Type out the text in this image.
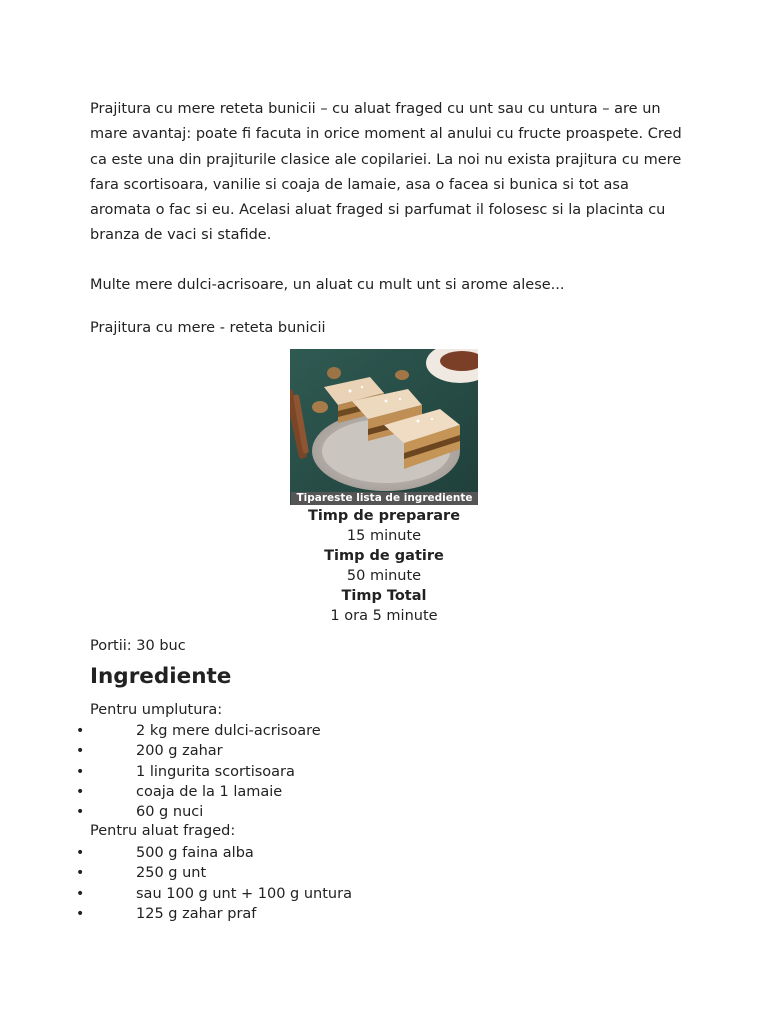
Prajitura cu mere reteta bunicii – cu aluat fraged cu unt sau cu untura – are un mare avantaj: poate fi facuta in orice moment al anului cu fructe proaspete. Cred ca este una din prajiturile clasice ale copilariei. La noi nu exista prajitura cu mere fara scortisoara, vanilie si coaja de lamaie, asa o facea si bunica si tot asa aromata o fac si eu. Acelasi aluat fraged si parfumat il folosesc si la placinta cu branza de vaci si stafide.

Multe mere dulci-acrisoare, un aluat cu mult unt si arome alese...

Prajitura cu mere - reteta bunicii

Tipareste lista de ingrediente
Timp de preparare
15 minute
Timp de gatire
50 minute
Timp Total
1 ora 5 minute

Portii: 30 buc

Ingrediente

Pentru umplutura:

•	2 kg mere dulci-acrisoare
•	200 g zahar
•	1 lingurita scortisoara
•	coaja de la 1 lamaie
•	60 g nuci

Pentru aluat fraged:

•	500 g faina alba
•	250 g unt
•	sau 100 g unt + 100 g untura
•	125 g zahar praf
